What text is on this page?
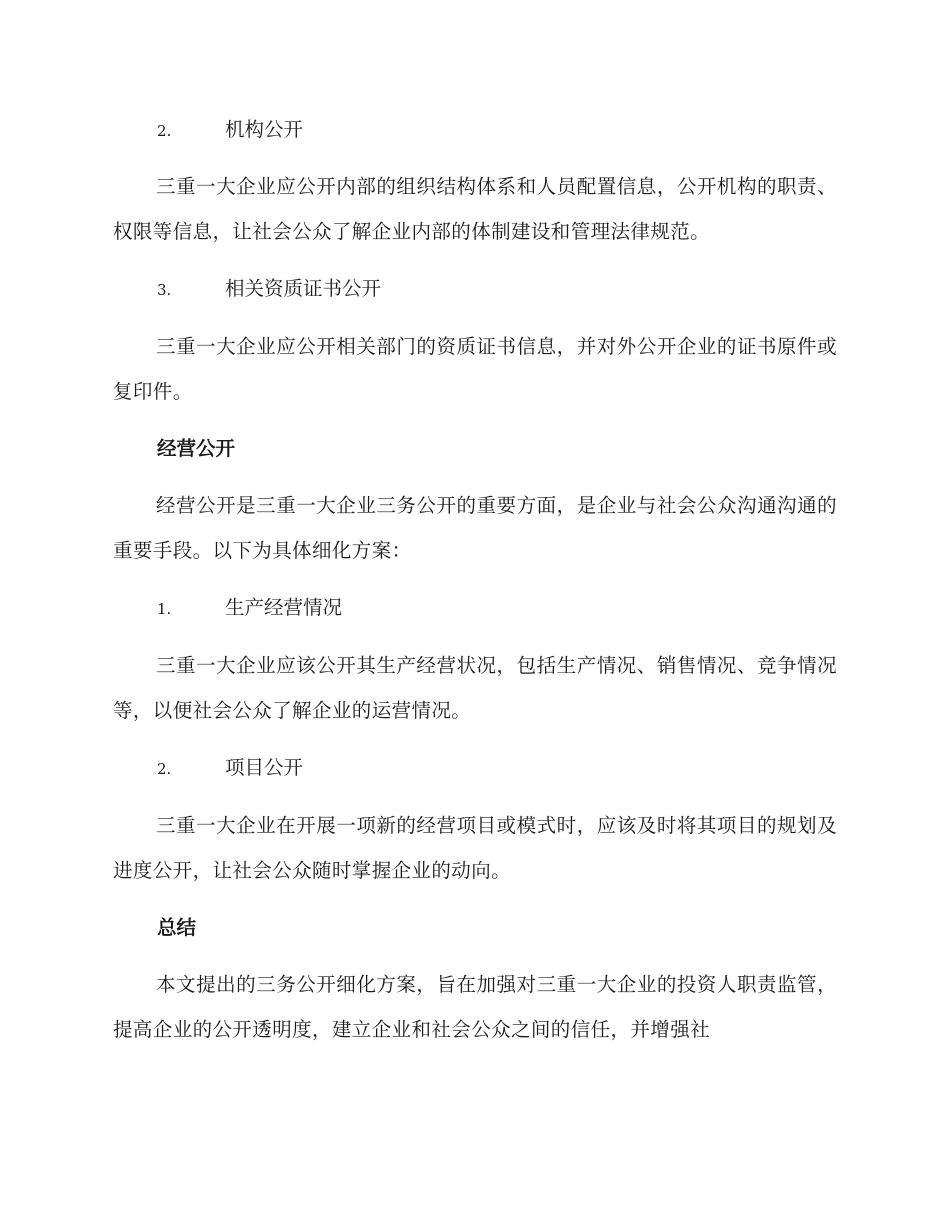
2.	机构公开

三重一大企业应公开内部的组织结构体系和人员配置信息，公开机构的职责、权限等信息，让社会公众了解企业内部的体制建设和管理法律规范。

3.	相关资质证书公开

三重一大企业应公开相关部门的资质证书信息，并对外公开企业的证书原件或复印件。

经营公开

经营公开是三重一大企业三务公开的重要方面，是企业与社会公众沟通沟通的重要手段。以下为具体细化方案：

1.	生产经营情况

三重一大企业应该公开其生产经营状况，包括生产情况、销售情况、竞争情况等，以便社会公众了解企业的运营情况。

2.	项目公开

三重一大企业在开展一项新的经营项目或模式时，应该及时将其项目的规划及进度公开，让社会公众随时掌握企业的动向。

总结

本文提出的三务公开细化方案，旨在加强对三重一大企业的投资人职责监管，提高企业的公开透明度，建立企业和社会公众之间的信任，并增强社
